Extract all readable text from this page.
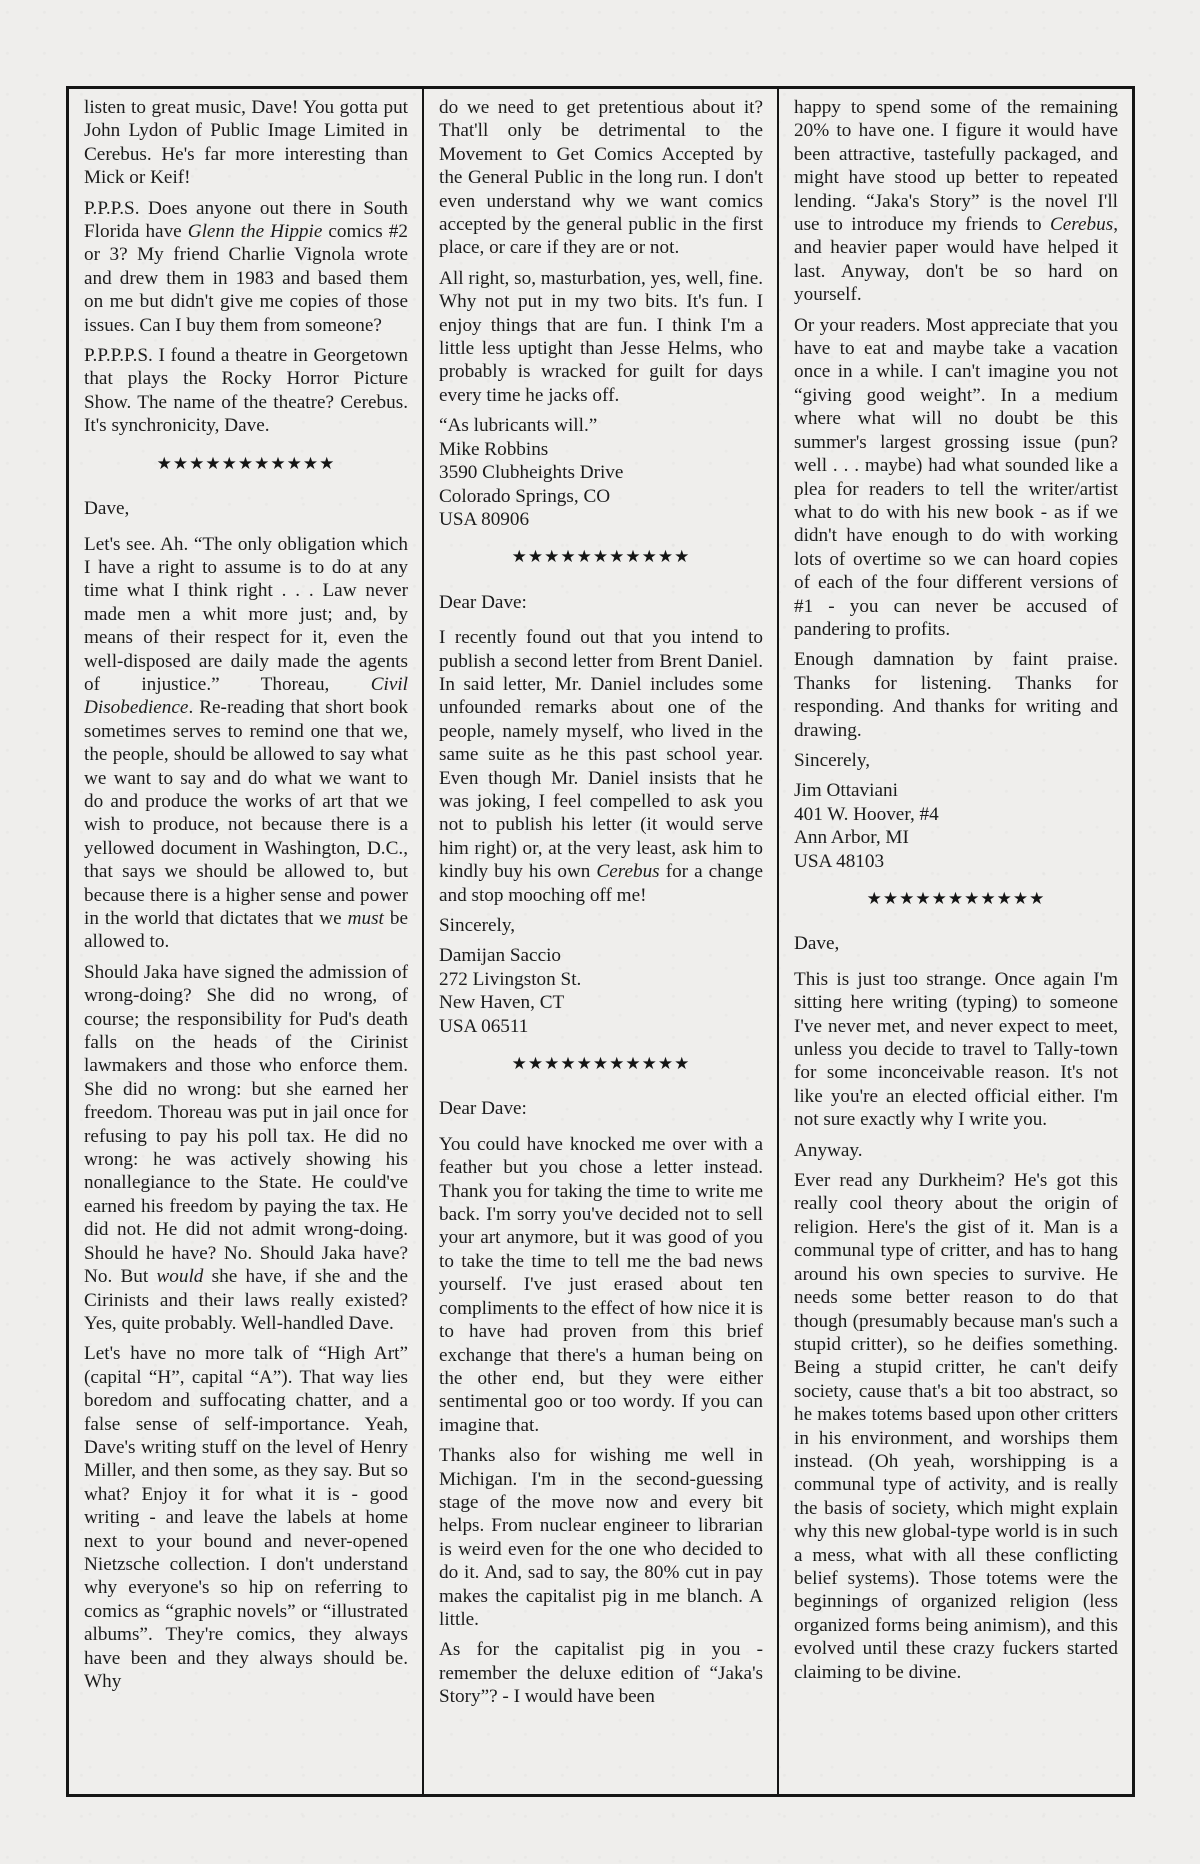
listen to great music, Dave! You gotta put John Lydon of Public Image Limited in Cerebus. He's far more interesting than Mick or Keif!

P.P.P.S. Does anyone out there in South Florida have Glenn the Hippie comics #2 or 3? My friend Charlie Vignola wrote and drew them in 1983 and based them on me but didn't give me copies of those issues. Can I buy them from someone?

P.P.P.P.S. I found a theatre in Georgetown that plays the Rocky Horror Picture Show. The name of the theatre? Cerebus. It's synchronicity, Dave.

★★★★★★★★★★★

Dave,

Let's see. Ah. “The only obligation which I have a right to assume is to do at any time what I think right . . . Law never made men a whit more just; and, by means of their respect for it, even the well-disposed are daily made the agents of injustice.” Thoreau, Civil Disobedience. Re-reading that short book sometimes serves to remind one that we, the people, should be allowed to say what we want to say and do what we want to do and produce the works of art that we wish to produce, not because there is a yellowed document in Washington, D.C., that says we should be allowed to, but because there is a higher sense and power in the world that dictates that we must be allowed to.

Should Jaka have signed the admission of wrong-doing? She did no wrong, of course; the responsibility for Pud's death falls on the heads of the Cirinist lawmakers and those who enforce them. She did no wrong: but she earned her freedom. Thoreau was put in jail once for refusing to pay his poll tax. He did no wrong: he was actively showing his nonallegiance to the State. He could've earned his freedom by paying the tax. He did not. He did not admit wrong-doing. Should he have? No. Should Jaka have? No. But would she have, if she and the Cirinists and their laws really existed? Yes, quite probably. Well-handled Dave.

Let's have no more talk of “High Art” (capital “H”, capital “A”). That way lies boredom and suffocating chatter, and a false sense of self-importance. Yeah, Dave's writing stuff on the level of Henry Miller, and then some, as they say. But so what? Enjoy it for what it is - good writing - and leave the labels at home next to your bound and never-opened Nietzsche collection. I don't understand why everyone's so hip on referring to comics as “graphic novels” or “illustrated albums”. They're comics, they always have been and they always should be. Why

do we need to get pretentious about it? That'll only be detrimental to the Movement to Get Comics Accepted by the General Public in the long run. I don't even understand why we want comics accepted by the general public in the first place, or care if they are or not.

All right, so, masturbation, yes, well, fine. Why not put in my two bits. It's fun. I enjoy things that are fun. I think I'm a little less uptight than Jesse Helms, who probably is wracked for guilt for days every time he jacks off.

“As lubricants will.”

Mike Robbins

3590 Clubheights Drive

Colorado Springs, CO

USA 80906

★★★★★★★★★★★

Dear Dave:

I recently found out that you intend to publish a second letter from Brent Daniel. In said letter, Mr. Daniel includes some unfounded remarks about one of the people, namely myself, who lived in the same suite as he this past school year. Even though Mr. Daniel insists that he was joking, I feel compelled to ask you not to publish his letter (it would serve him right) or, at the very least, ask him to kindly buy his own Cerebus for a change and stop mooching off me!

Sincerely,

Damijan Saccio

272 Livingston St.

New Haven, CT

USA 06511

★★★★★★★★★★★

Dear Dave:

You could have knocked me over with a feather but you chose a letter instead. Thank you for taking the time to write me back. I'm sorry you've decided not to sell your art anymore, but it was good of you to take the time to tell me the bad news yourself. I've just erased about ten compliments to the effect of how nice it is to have had proven from this brief exchange that there's a human being on the other end, but they were either sentimental goo or too wordy. If you can imagine that.

Thanks also for wishing me well in Michigan. I'm in the second-guessing stage of the move now and every bit helps. From nuclear engineer to librarian is weird even for the one who decided to do it. And, sad to say, the 80% cut in pay makes the capitalist pig in me blanch. A little.

As for the capitalist pig in you - remember the deluxe edition of “Jaka's Story”? - I would have been

happy to spend some of the remaining 20% to have one. I figure it would have been attractive, tastefully packaged, and might have stood up better to repeated lending. “Jaka's Story” is the novel I'll use to introduce my friends to Cerebus, and heavier paper would have helped it last. Anyway, don't be so hard on yourself.

Or your readers. Most appreciate that you have to eat and maybe take a vacation once in a while. I can't imagine you not “giving good weight”. In a medium where what will no doubt be this summer's largest grossing issue (pun? well . . . maybe) had what sounded like a plea for readers to tell the writer/artist what to do with his new book - as if we didn't have enough to do with working lots of overtime so we can hoard copies of each of the four different versions of #1 - you can never be accused of pandering to profits.

Enough damnation by faint praise. Thanks for listening. Thanks for responding. And thanks for writing and drawing.

Sincerely,

Jim Ottaviani

401 W. Hoover, #4

Ann Arbor, MI

USA 48103

★★★★★★★★★★★

Dave,

This is just too strange. Once again I'm sitting here writing (typing) to someone I've never met, and never expect to meet, unless you decide to travel to Tally-town for some inconceivable reason. It's not like you're an elected official either. I'm not sure exactly why I write you.

Anyway.

Ever read any Durkheim? He's got this really cool theory about the origin of religion. Here's the gist of it. Man is a communal type of critter, and has to hang around his own species to survive. He needs some better reason to do that though (presumably because man's such a stupid critter), so he deifies something. Being a stupid critter, he can't deify society, cause that's a bit too abstract, so he makes totems based upon other critters in his environment, and worships them instead. (Oh yeah, worshipping is a communal type of activity, and is really the basis of society, which might explain why this new global-type world is in such a mess, what with all these conflicting belief systems). Those totems were the beginnings of organized religion (less organized forms being animism), and this evolved until these crazy fuckers started claiming to be divine.
